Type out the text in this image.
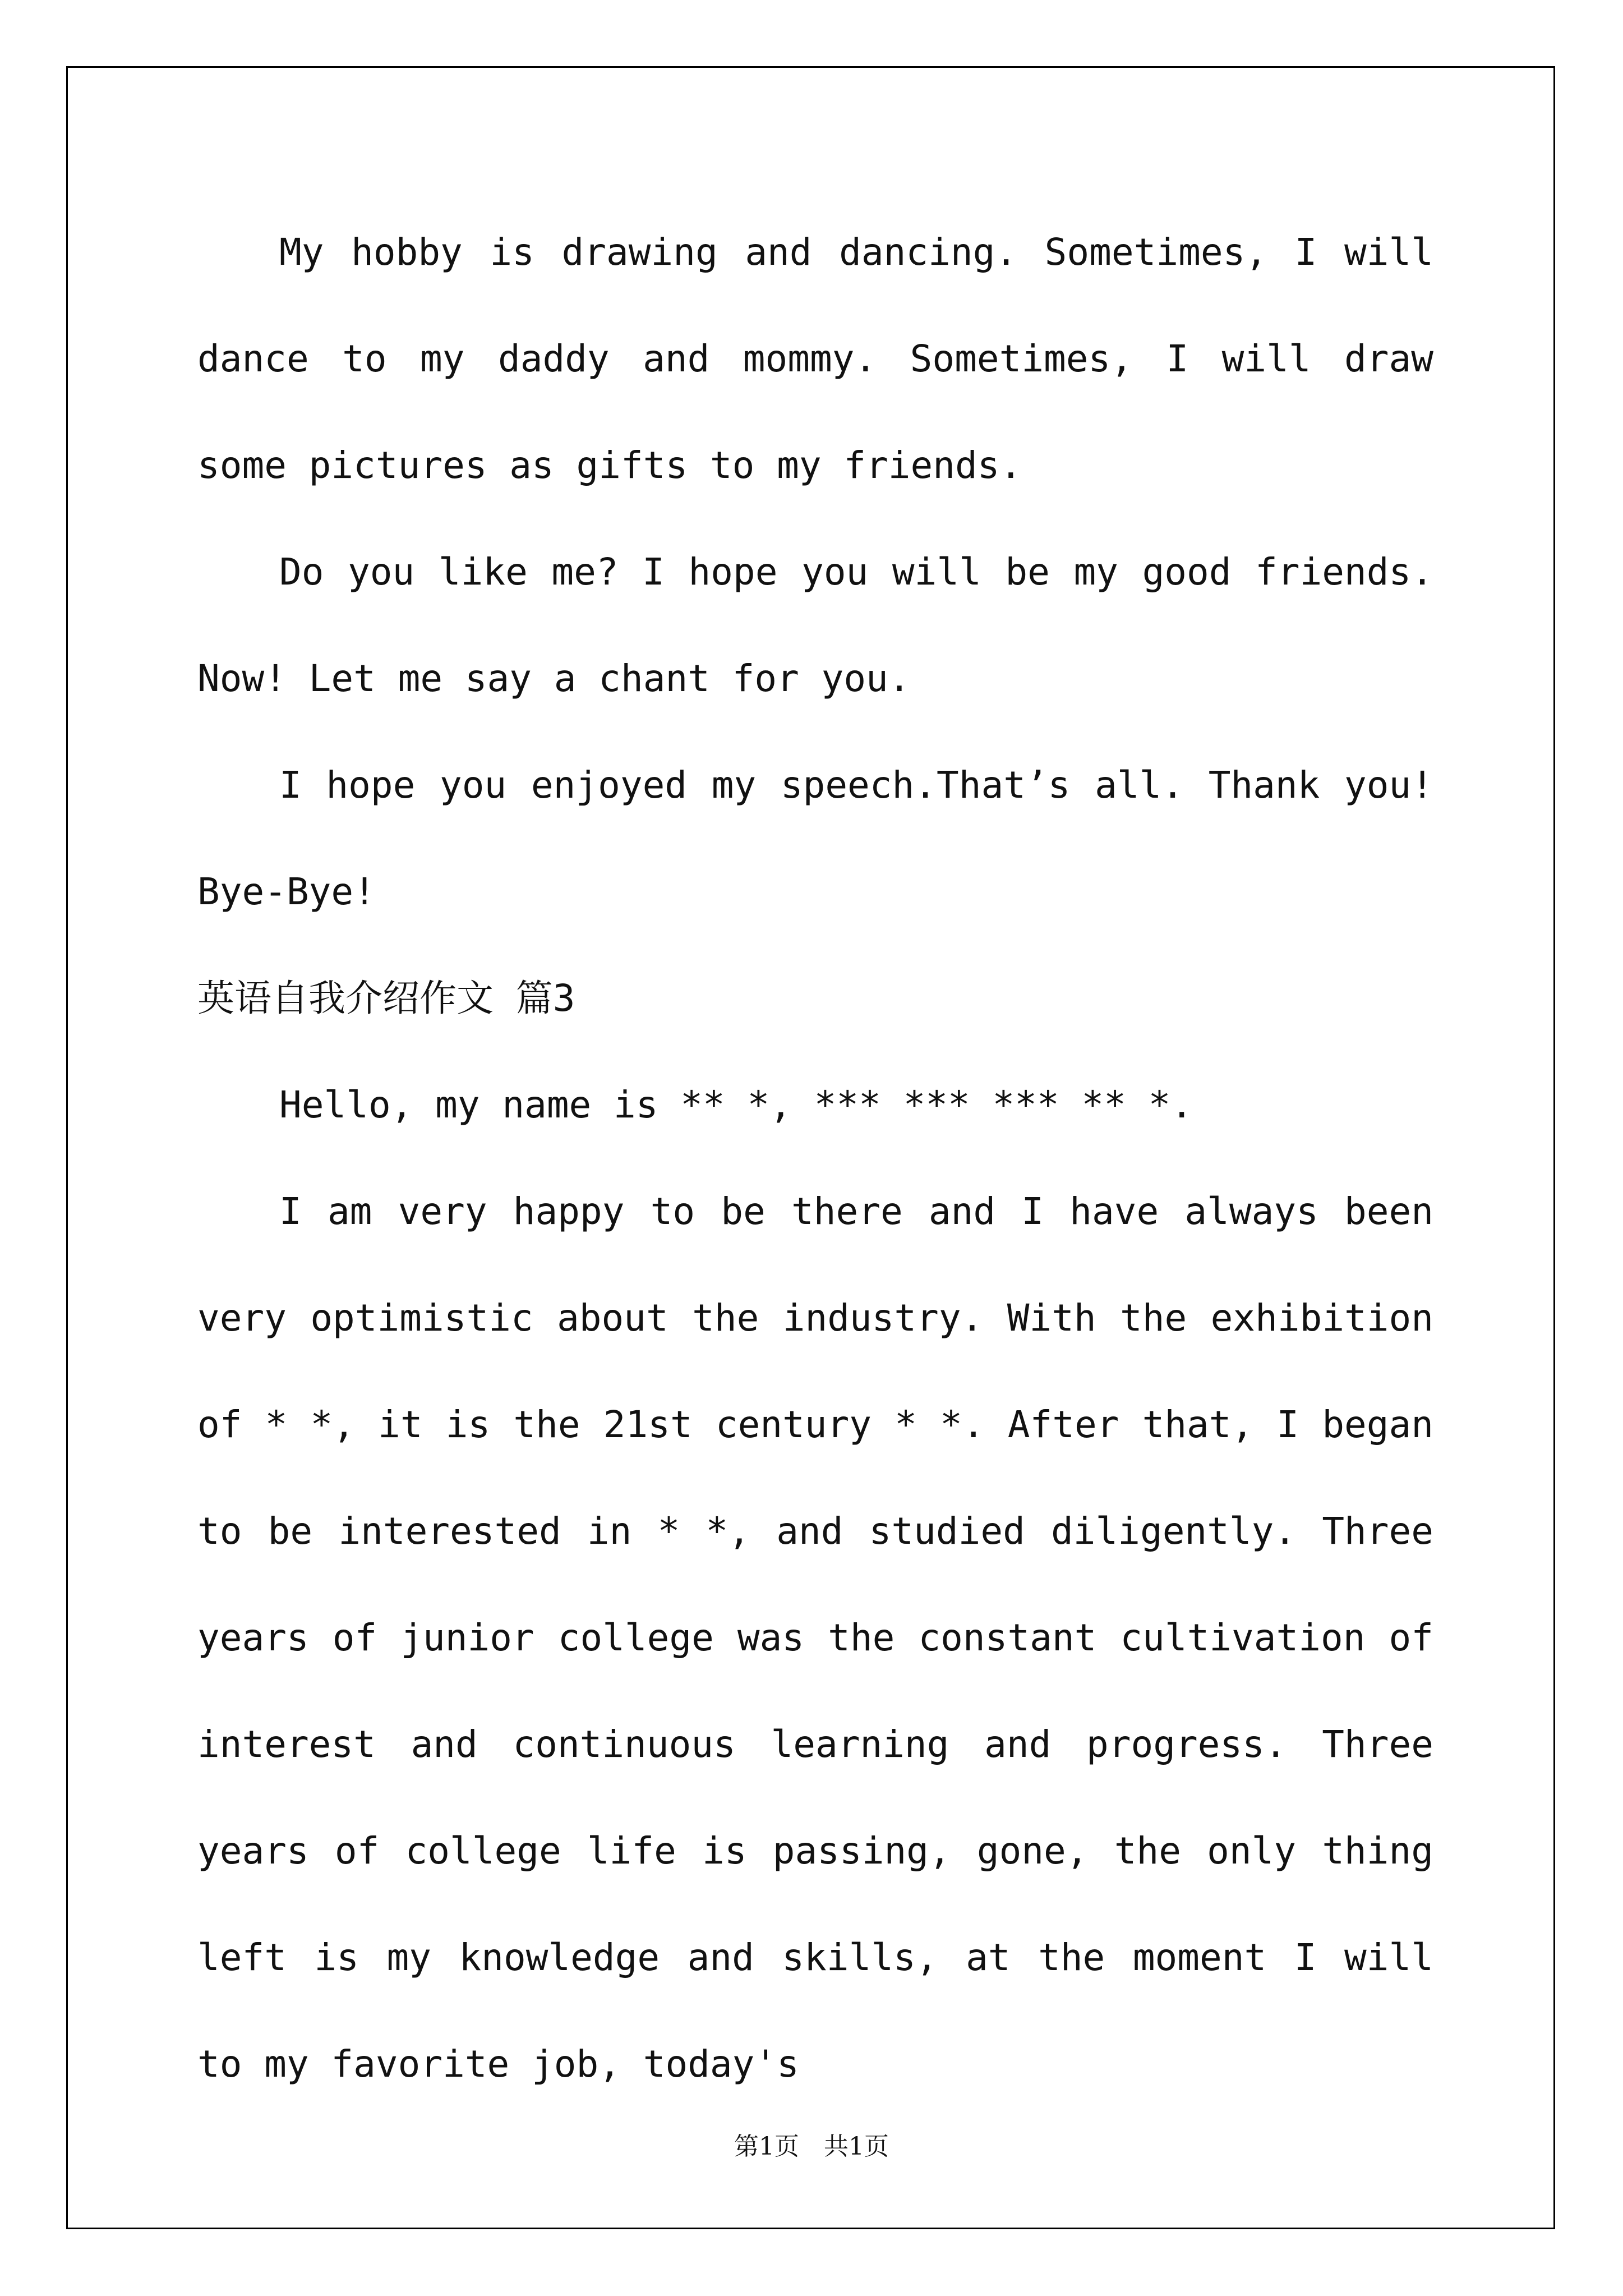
My hobby is drawing and dancing. Sometimes, I will dance to my daddy and mommy. Sometimes, I will draw some pictures as gifts to my friends.

Do you like me? I hope you will be my good friends. Now! Let me say a chant for you.

I hope you enjoyed my speech.That’s all. Thank you! Bye-Bye!

英语自我介绍作文 篇3

Hello, my name is ** *, *** *** *** ** *.

I am very happy to be there and I have always been very optimistic about the industry. With the exhibition of * *, it is the 21st century * *. After that, I began to be interested in * *, and studied diligently. Three years of junior college was the constant cultivation of interest and continuous learning and progress. Three years of college life is passing, gone, the only thing left is my knowledge and skills, at the moment I will to my favorite job, today's

第1页　共1页
